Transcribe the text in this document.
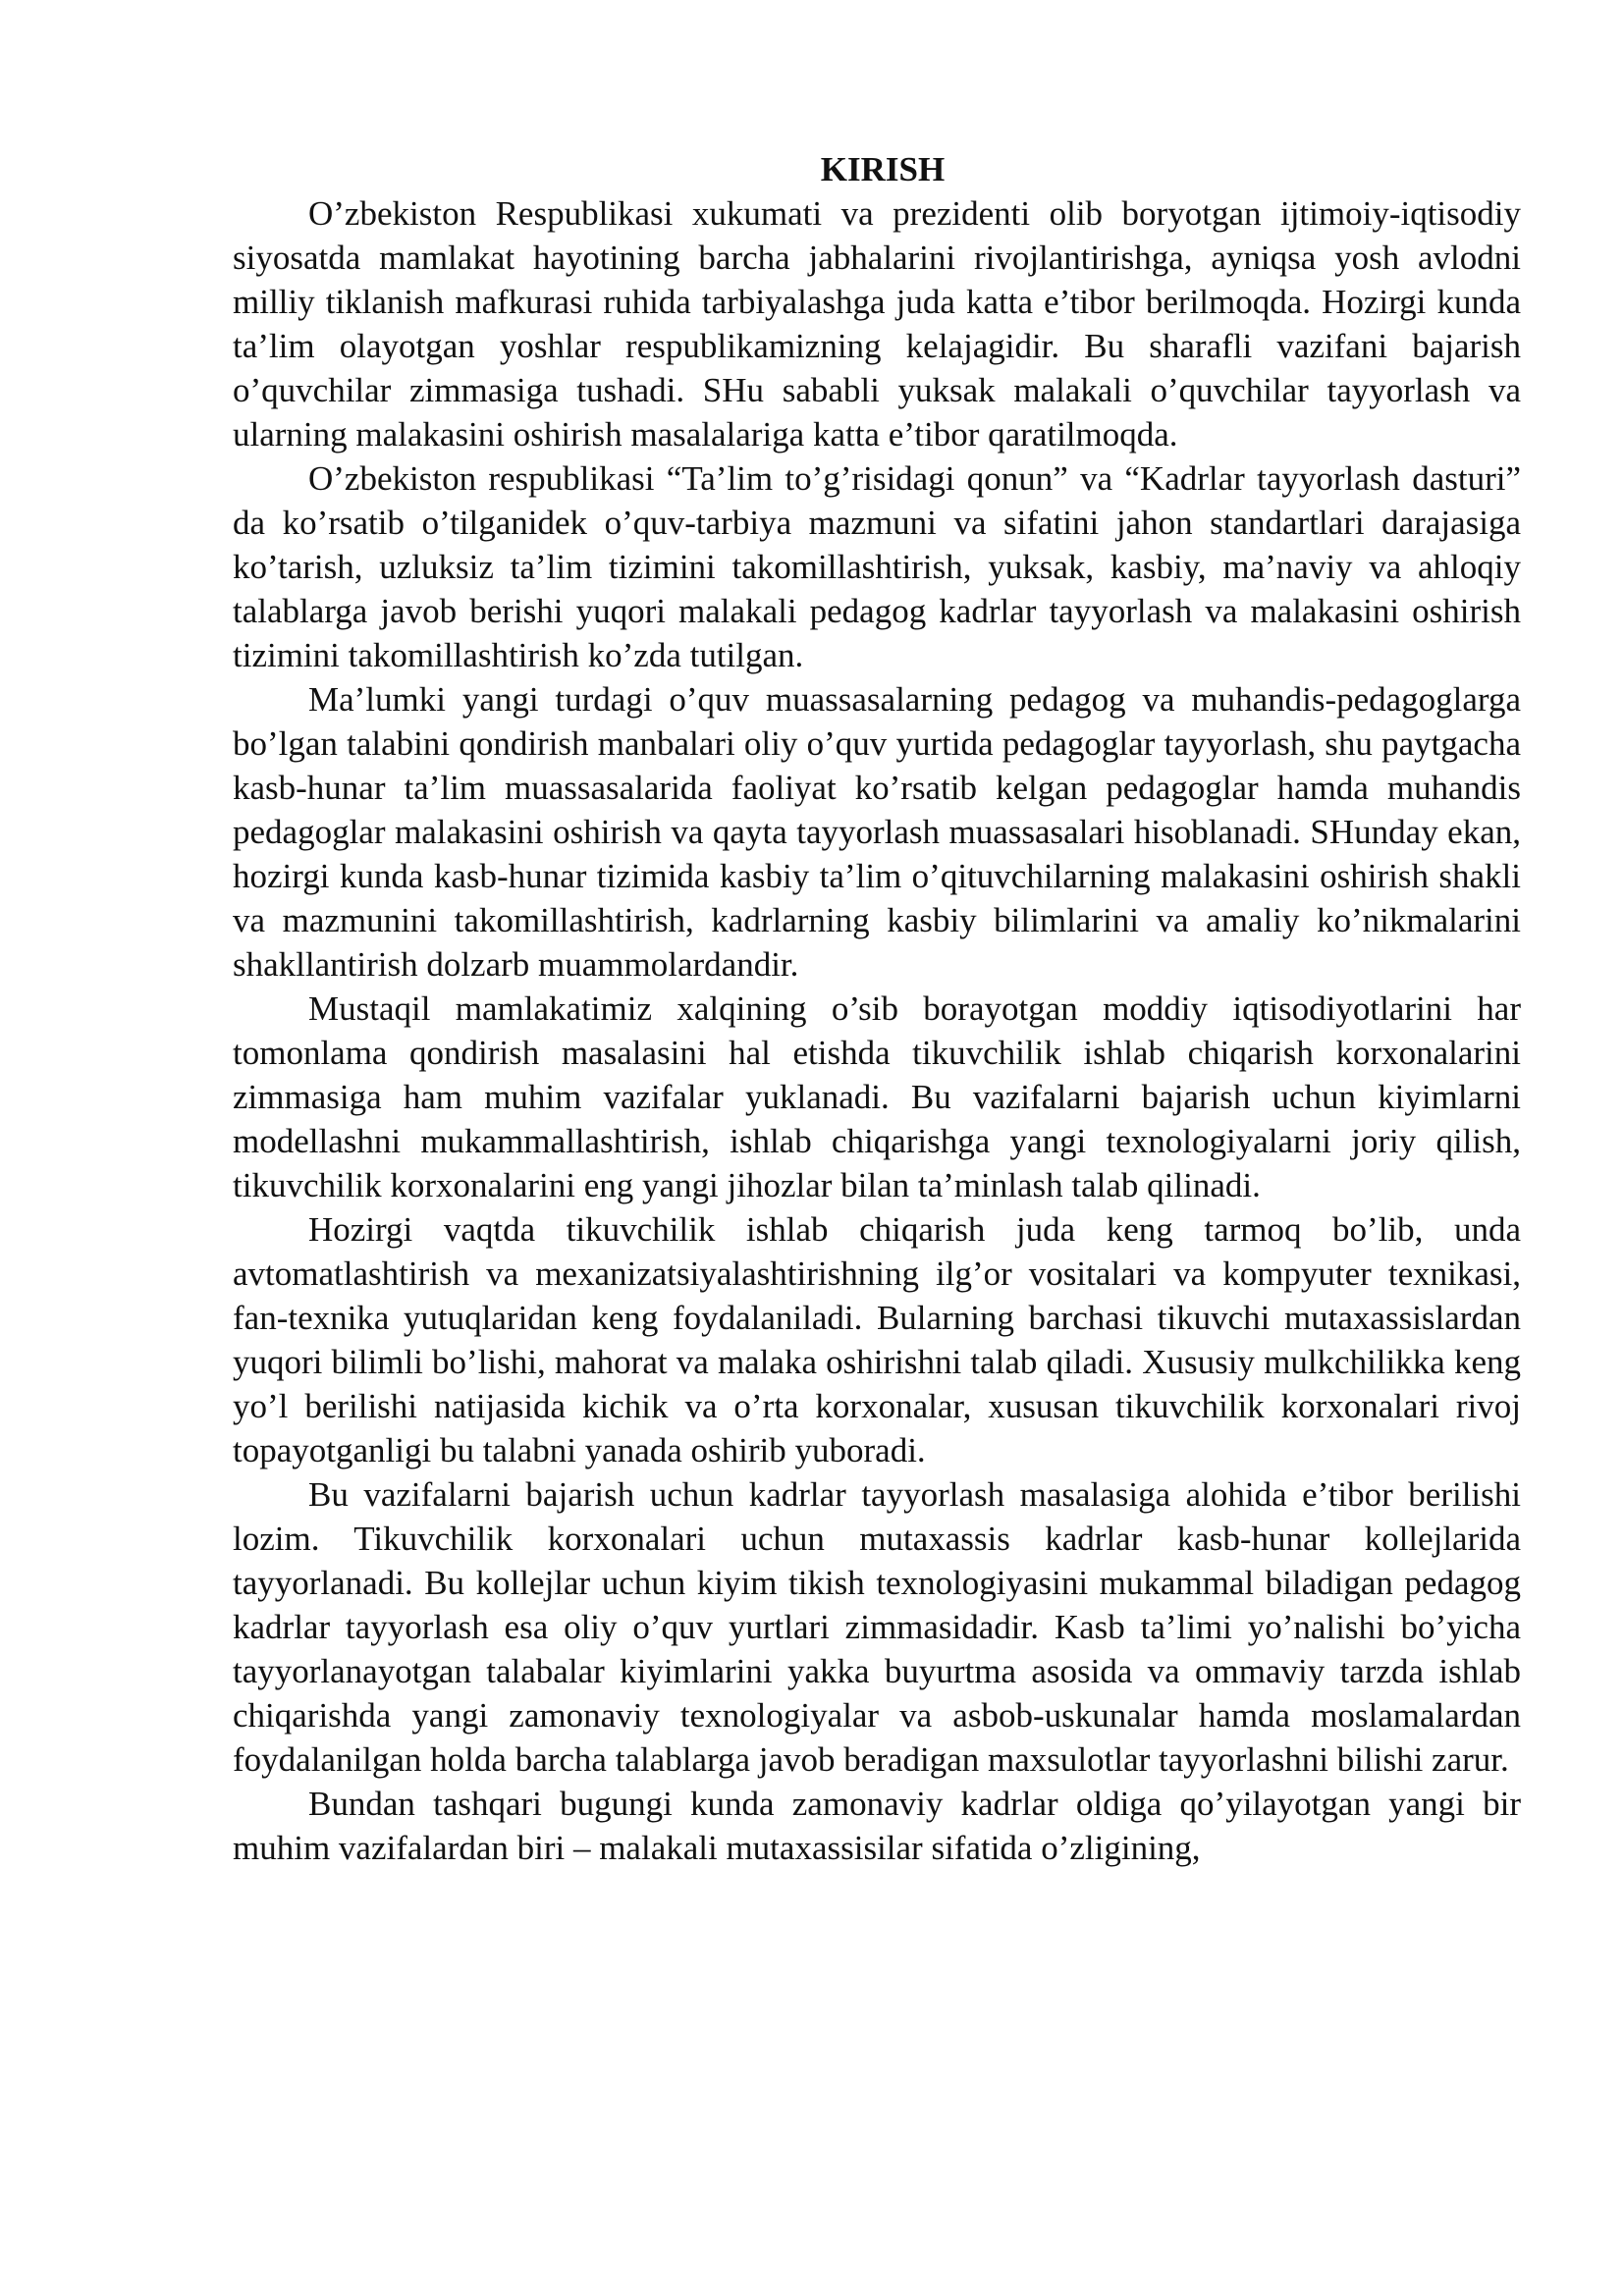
KIRISH

O’zbekiston Respublikasi xukumati va prezidenti olib boryotgan ijtimoiy-iqtisodiy siyosatda mamlakat hayotining barcha jabhalarini rivojlantirishga, ayniqsa yosh avlodni milliy tiklanish mafkurasi ruhida tarbiyalashga juda katta e’tibor berilmoqda. Hozirgi kunda ta’lim olayotgan yoshlar respublikamizning kelajagidir. Bu sharafli vazifani bajarish o’quvchilar zimmasiga tushadi. SHu sababli yuksak malakali o’quvchilar tayyorlash va ularning malakasini oshirish masalalariga katta e’tibor qaratilmoqda.

O’zbekiston respublikasi “Ta’lim to’g’risidagi qonun” va “Kadrlar tayyorlash dasturi” da ko’rsatib o’tilganidek o’quv-tarbiya mazmuni va sifatini jahon standartlari darajasiga ko’tarish, uzluksiz ta’lim tizimini takomillashtirish, yuksak, kasbiy, ma’naviy va ahloqiy talablarga javob berishi yuqori malakali pedagog kadrlar tayyorlash va malakasini oshirish tizimini takomillashtirish ko’zda tutilgan.

Ma’lumki yangi turdagi o’quv muassasalarning pedagog va muhandis-pedagoglarga bo’lgan talabini qondirish manbalari oliy o’quv yurtida pedagoglar tayyorlash, shu paytgacha kasb-hunar ta’lim muassasalarida faoliyat ko’rsatib kelgan pedagoglar hamda muhandis pedagoglar malakasini oshirish va qayta tayyorlash muassasalari hisoblanadi. SHunday ekan, hozirgi kunda kasb-hunar tizimida kasbiy ta’lim o’qituvchilarning malakasini oshirish shakli va mazmunini takomillashtirish, kadrlarning kasbiy bilimlarini va amaliy ko’nikmalarini shakllantirish dolzarb muammolardandir.

Mustaqil mamlakatimiz xalqining o’sib borayotgan moddiy iqtisodiyotlarini har tomonlama qondirish masalasini hal etishda tikuvchilik ishlab chiqarish korxonalarini zimmasiga ham muhim vazifalar yuklanadi. Bu vazifalarni bajarish uchun kiyimlarni modellashni mukammallashtirish, ishlab chiqarishga yangi texnologiyalarni joriy qilish, tikuvchilik korxonalarini eng yangi jihozlar bilan ta’minlash talab qilinadi.

Hozirgi vaqtda tikuvchilik ishlab chiqarish juda keng tarmoq bo’lib, unda avtomatlashtirish va mexanizatsiyalashtirishning ilg’or vositalari va kompyuter texnikasi, fan-texnika yutuqlaridan keng foydalaniladi. Bularning barchasi tikuvchi mutaxassislardan yuqori bilimli bo’lishi, mahorat va malaka oshirishni talab qiladi. Xususiy mulkchilikka keng yo’l berilishi natijasida kichik va o’rta korxonalar, xususan tikuvchilik korxonalari rivoj topayotganligi bu talabni yanada oshirib yuboradi.

Bu vazifalarni bajarish uchun kadrlar tayyorlash masalasiga alohida e’tibor berilishi lozim. Tikuvchilik korxonalari uchun mutaxassis kadrlar kasb-hunar kollejlarida tayyorlanadi. Bu kollejlar uchun kiyim tikish texnologiyasini mukammal biladigan pedagog kadrlar tayyorlash esa oliy o’quv yurtlari zimmasidadir. Kasb ta’limi yo’nalishi bo’yicha tayyorlanayotgan talabalar kiyimlarini yakka buyurtma asosida va ommaviy tarzda ishlab chiqarishda yangi zamonaviy texnologiyalar va asbob-uskunalar hamda moslamalardan foydalanilgan holda barcha talablarga javob beradigan maxsulotlar tayyorlashni bilishi zarur.

Bundan tashqari bugungi kunda zamonaviy kadrlar oldiga qo’yilayotgan yangi bir muhim vazifalardan biri – malakali mutaxassisilar sifatida o’zligining,
